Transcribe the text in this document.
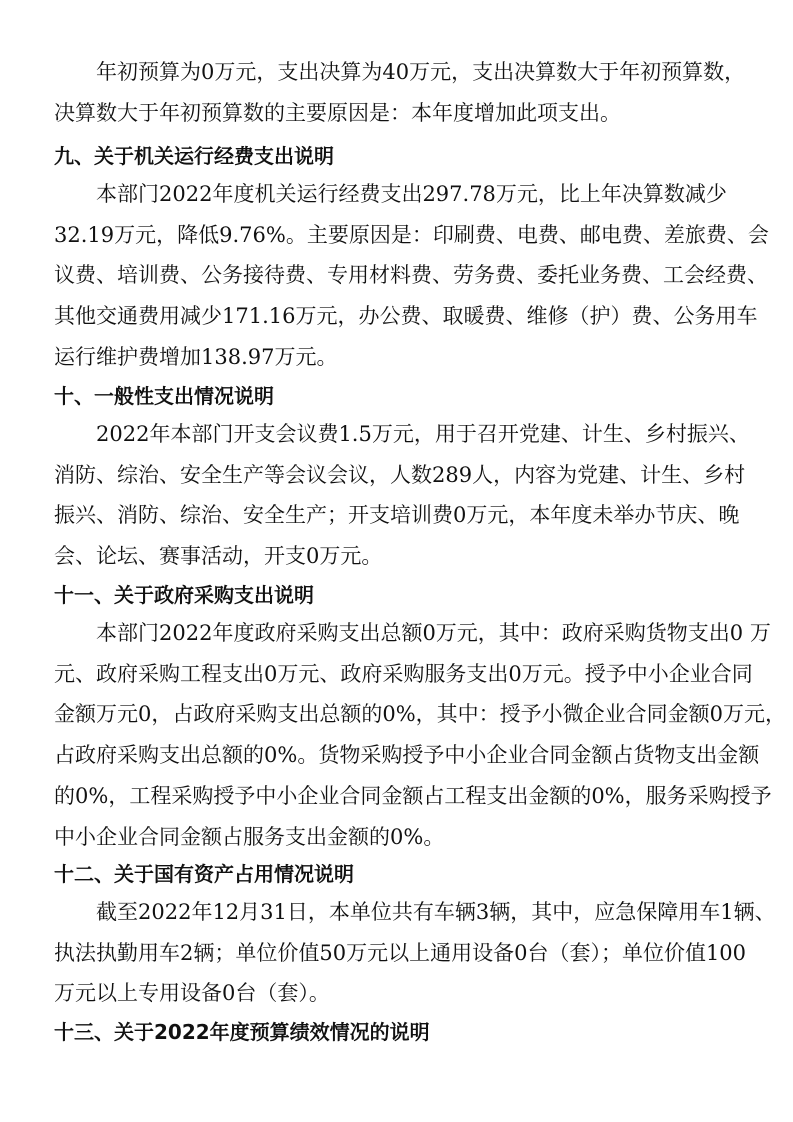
年初预算为0万元，支出决算为40万元，支出决算数大于年初预算数，
决算数大于年初预算数的主要原因是：本年度增加此项支出。

九、关于机关运行经费支出说明

本部门2022年度机关运行经费支出297.78万元，比上年决算数减少
32.19万元，降低9.76%。主要原因是：印刷费、电费、邮电费、差旅费、会
议费、培训费、公务接待费、专用材料费、劳务费、委托业务费、工会经费、
其他交通费用减少171.16万元，办公费、取暖费、维修（护）费、公务用车
运行维护费增加138.97万元。

十、一般性支出情况说明

2022年本部门开支会议费1.5万元，用于召开党建、计生、乡村振兴、
消防、综治、安全生产等会议会议，人数289人，内容为党建、计生、乡村
振兴、消防、综治、安全生产；开支培训费0万元，本年度未举办节庆、晚
会、论坛、赛事活动，开支0万元。

十一、关于政府采购支出说明

本部门2022年度政府采购支出总额0万元，其中：政府采购货物支出0 万
元、政府采购工程支出0万元、政府采购服务支出0万元。授予中小企业合同
金额万元0，占政府采购支出总额的0%，其中：授予小微企业合同金额0万元，
占政府采购支出总额的0%。货物采购授予中小企业合同金额占货物支出金额
的0%，工程采购授予中小企业合同金额占工程支出金额的0%，服务采购授予
中小企业合同金额占服务支出金额的0%。

十二、关于国有资产占用情况说明

截至2022年12月31日，本单位共有车辆3辆，其中，应急保障用车1辆、
执法执勤用车2辆；单位价值50万元以上通用设备0台（套）；单位价值100
万元以上专用设备0台（套）。

十三、关于2022年度预算绩效情况的说明
